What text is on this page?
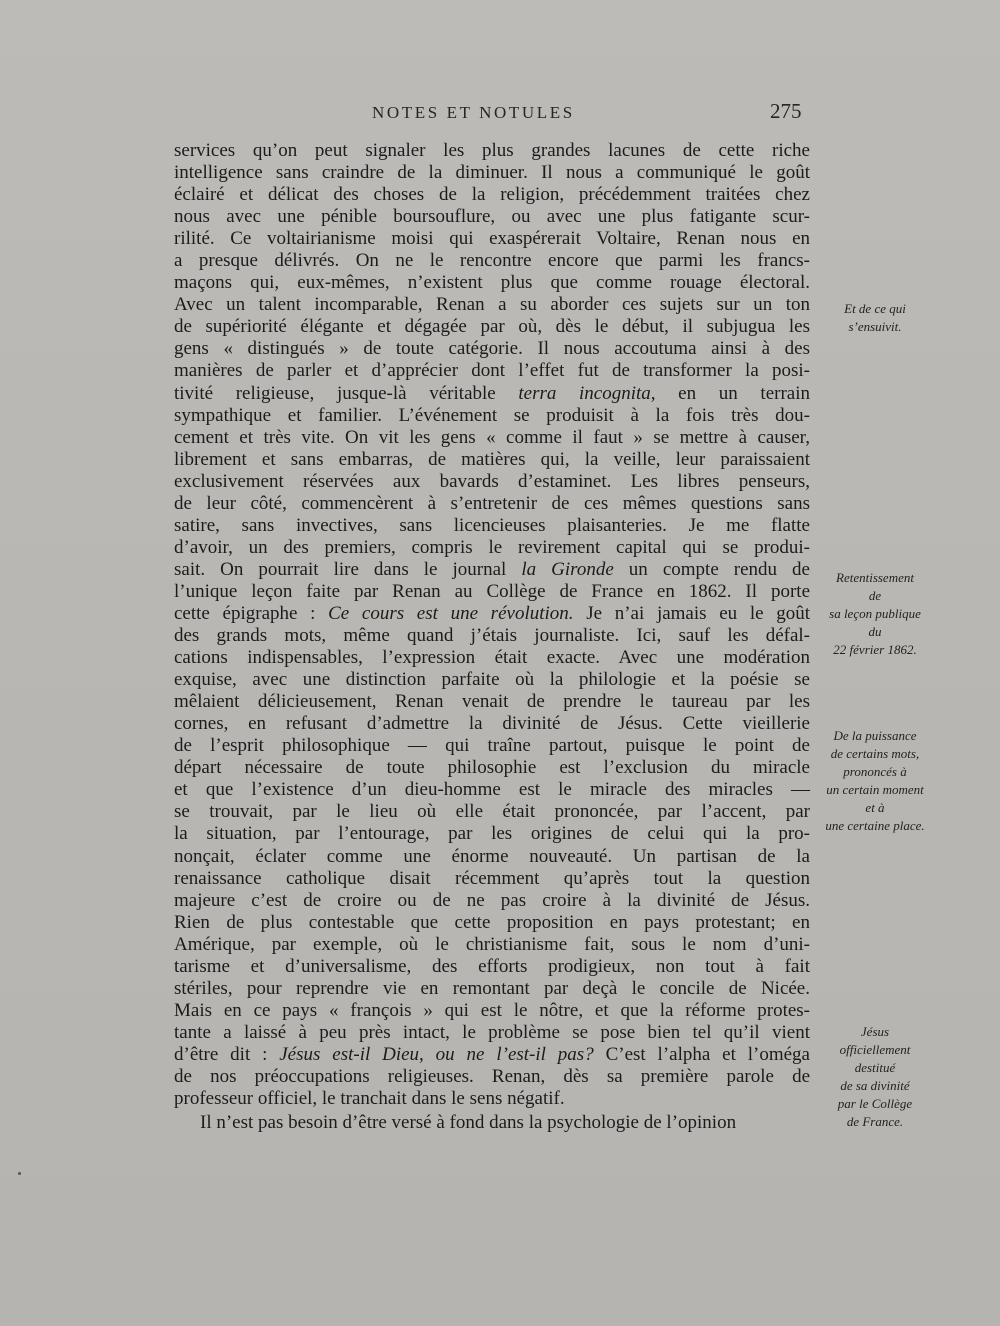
NOTES ET NOTULES	275
services qu’on peut signaler les plus grandes lacunes de cette riche
intelligence sans craindre de la diminuer. Il nous a communiqué le goût
éclairé et délicat des choses de la religion, précédemment traitées chez
nous avec une pénible boursouflure, ou avec une plus fatigante scur-
rilité. Ce voltairianisme moisi qui exaspérerait Voltaire, Renan nous en
a presque délivrés. On ne le rencontre encore que parmi les francs-
maçons qui, eux-mêmes, n’existent plus que comme rouage électoral.
Avec un talent incomparable, Renan a su aborder ces sujets sur un ton
de supériorité élégante et dégagée par où, dès le début, il subjugua les
gens « distingués » de toute catégorie. Il nous accoutuma ainsi à des
manières de parler et d’apprécier dont l’effet fut de transformer la posi-
tivité religieuse, jusque-là véritable terra incognita, en un terrain
sympathique et familier. L’événement se produisit à la fois très dou-
cement et très vite. On vit les gens « comme il faut » se mettre à causer,
librement et sans embarras, de matières qui, la veille, leur paraissaient
exclusivement réservées aux bavards d’estaminet. Les libres penseurs,
de leur côté, commencèrent à s’entretenir de ces mêmes questions sans
satire, sans invectives, sans licencieuses plaisanteries. Je me flatte
d’avoir, un des premiers, compris le revirement capital qui se produi-
sait. On pourrait lire dans le journal la Gironde un compte rendu de
l’unique leçon faite par Renan au Collège de France en 1862. Il porte
cette épigraphe : Ce cours est une révolution. Je n’ai jamais eu le goût
des grands mots, même quand j’étais journaliste. Ici, sauf les défal-
cations indispensables, l’expression était exacte. Avec une modération
exquise, avec une distinction parfaite où la philologie et la poésie se
mêlaient délicieusement, Renan venait de prendre le taureau par les
cornes, en refusant d’admettre la divinité de Jésus. Cette vieillerie
de l’esprit philosophique — qui traîne partout, puisque le point de
départ nécessaire de toute philosophie est l’exclusion du miracle
et que l’existence d’un dieu-homme est le miracle des miracles —
se trouvait, par le lieu où elle était prononcée, par l’accent, par
la situation, par l’entourage, par les origines de celui qui la pro-
nonçait, éclater comme une énorme nouveauté. Un partisan de la
renaissance catholique disait récemment qu’après tout la question
majeure c’est de croire ou de ne pas croire à la divinité de Jésus.
Rien de plus contestable que cette proposition en pays protestant; en
Amérique, par exemple, où le christianisme fait, sous le nom d’uni-
tarisme et d’universalisme, des efforts prodigieux, non tout à fait
stériles, pour reprendre vie en remontant par deçà le concile de Nicée.
Mais en ce pays « françois » qui est le nôtre, et que la réforme protes-
tante a laissé à peu près intact, le problème se pose bien tel qu’il vient
d’être dit : Jésus est-il Dieu, ou ne l’est-il pas? C’est l’alpha et l’oméga
de nos préoccupations religieuses. Renan, dès sa première parole de
professeur officiel, le tranchait dans le sens négatif.
Il n’est pas besoin d’être versé à fond dans la psychologie de l’opinion
Et de ce qui
s’ensuivit.
Retentissement
de
sa leçon publique
du
22 février 1862.
De la puissance
de certains mots,
prononcés à
un certain moment
et à
une certaine place.
Jésus
officiellement
destitué
de sa divinité
par le Collège
de France.
